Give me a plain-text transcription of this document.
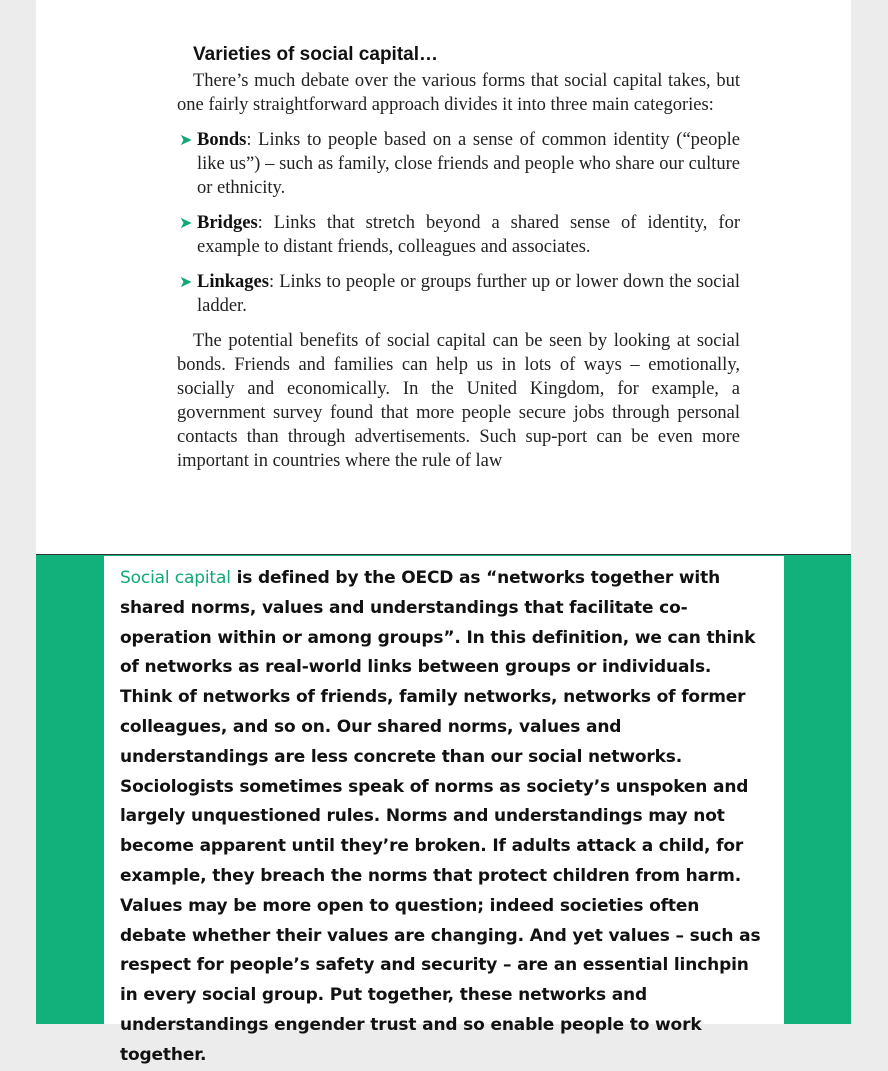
Varieties of social capital…

There’s much debate over the various forms that social capital takes, but one fairly straightforward approach divides it into three main categories:

➤ Bonds: Links to people based on a sense of common identity (“people like us”) – such as family, close friends and people who share our culture or ethnicity.
➤ Bridges: Links that stretch beyond a shared sense of identity, for example to distant friends, colleagues and associates.
➤ Linkages: Links to people or groups further up or lower down the social ladder.

The potential benefits of social capital can be seen by looking at social bonds. Friends and families can help us in lots of ways – emotionally, socially and economically. In the United Kingdom, for example, a government survey found that more people secure jobs through personal contacts than through advertisements. Such sup-port can be even more important in countries where the rule of law

Social capital is defined by the OECD as “networks together with shared norms, values and understandings that facilitate co-operation within or among groups”. In this definition, we can think of networks as real-world links between groups or individuals. Think of networks of friends, family networks, networks of former colleagues, and so on. Our shared norms, values and understandings are less concrete than our social networks. Sociologists sometimes speak of norms as society’s unspoken and largely unquestioned rules. Norms and understandings may not become apparent until they’re broken. If adults attack a child, for example, they breach the norms that protect children from harm. Values may be more open to question; indeed societies often debate whether their values are changing. And yet values – such as respect for people’s safety and security – are an essential linchpin in every social group. Put together, these networks and understandings engender trust and so enable people to work together.
